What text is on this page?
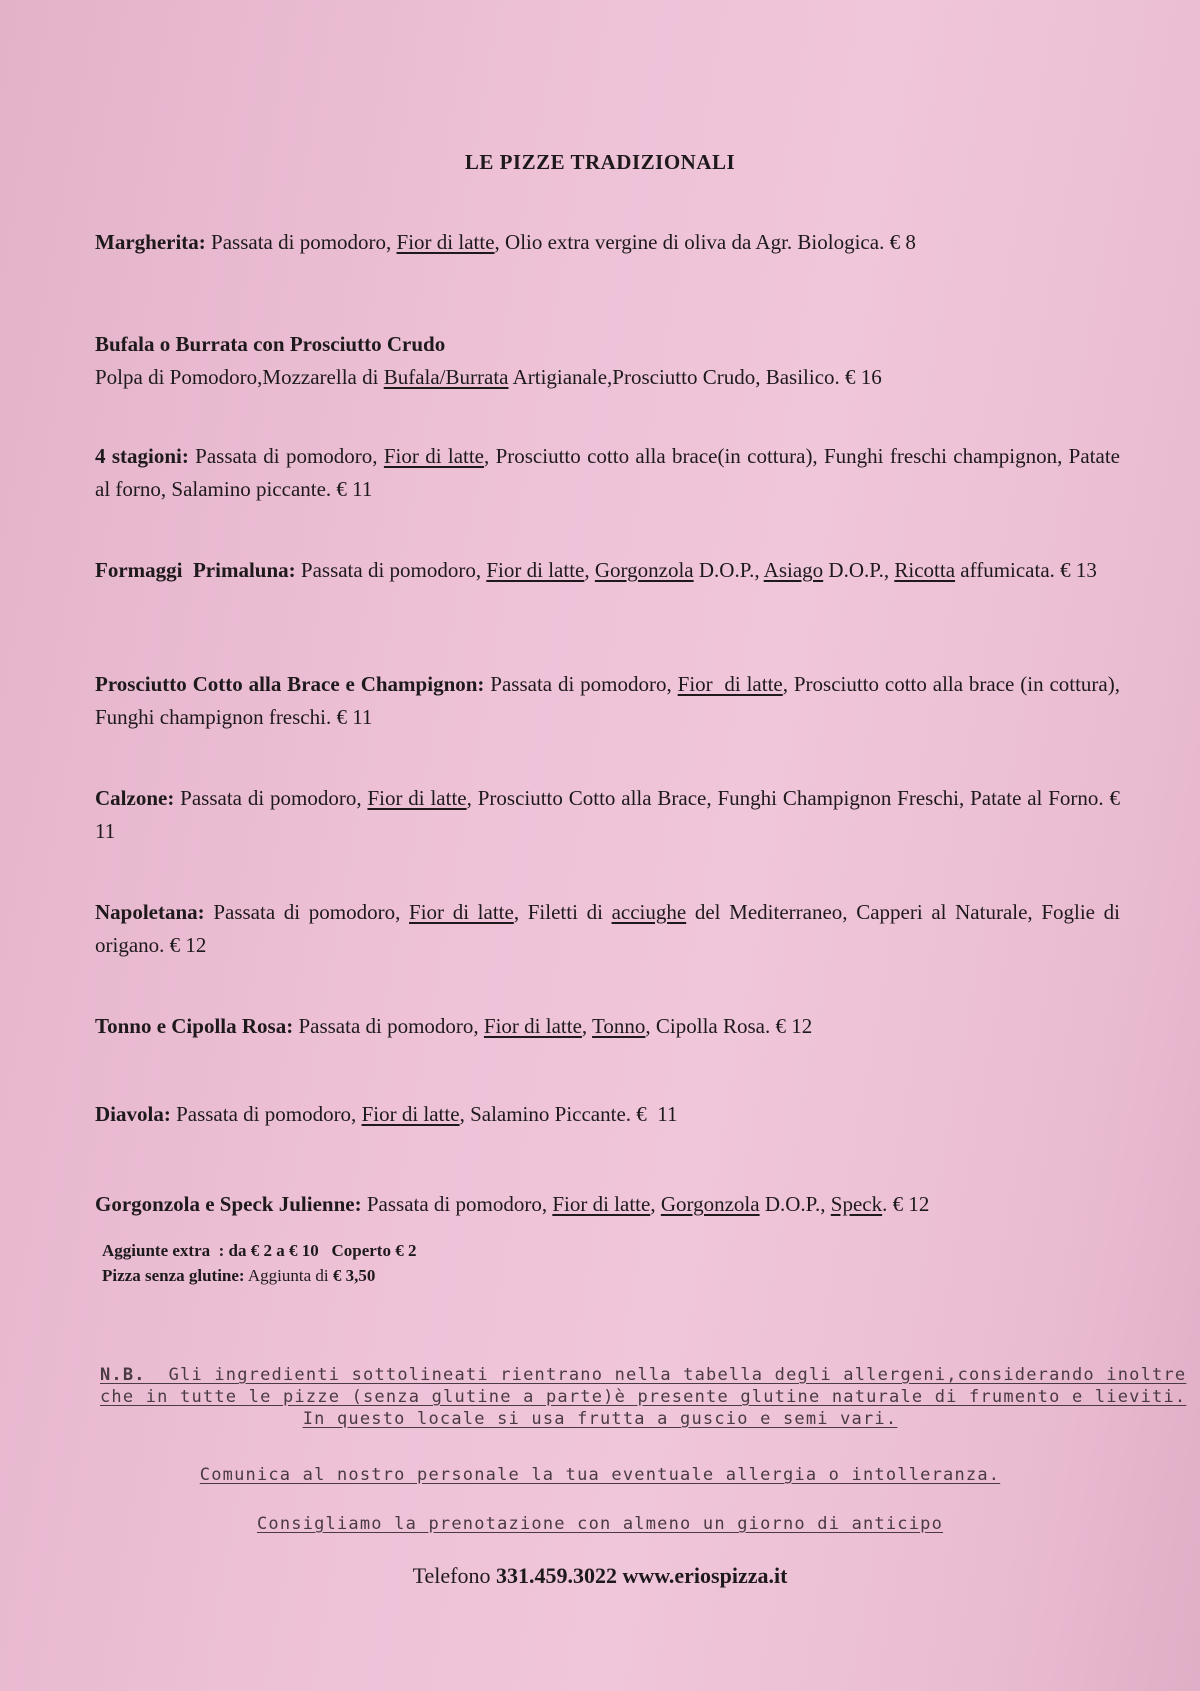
LE PIZZE TRADIZIONALI
Margherita: Passata di pomodoro, Fior di latte, Olio extra vergine di oliva da Agr. Biologica. € 8
Bufala o Burrata con Prosciutto Crudo
Polpa di Pomodoro,Mozzarella di Bufala/Burrata Artigianale,Prosciutto Crudo, Basilico. € 16
4 stagioni: Passata di pomodoro, Fior di latte, Prosciutto cotto alla brace(in cottura), Funghi freschi champignon, Patate al forno, Salamino piccante. € 11
Formaggi  Primaluna: Passata di pomodoro, Fior di latte, Gorgonzola D.O.P., Asiago D.O.P., Ricotta affumicata. € 13
Prosciutto Cotto alla Brace e Champignon: Passata di pomodoro, Fior  di latte, Prosciutto cotto alla brace (in cottura), Funghi champignon freschi. € 11
Calzone: Passata di pomodoro, Fior di latte, Prosciutto Cotto alla Brace, Funghi Champignon Freschi, Patate al Forno. € 11
Napoletana: Passata di pomodoro, Fior di latte, Filetti di acciughe del Mediterraneo, Capperi al Naturale, Foglie di origano. € 12
Tonno e Cipolla Rosa: Passata di pomodoro, Fior di latte, Tonno, Cipolla Rosa. € 12
Diavola: Passata di pomodoro, Fior di latte, Salamino Piccante. €  11
Gorgonzola e Speck Julienne: Passata di pomodoro, Fior di latte, Gorgonzola D.O.P., Speck. € 12
Aggiunte extra  : da € 2 a € 10   Coperto € 2
Pizza senza glutine: Aggiunta di € 3,50
N.B.  Gli ingredienti sottolineati rientrano nella tabella degli allergeni,considerando inoltre
che in tutte le pizze (senza glutine a parte)è presente glutine naturale di frumento e lieviti.
In questo locale si usa frutta a guscio e semi vari.
Comunica al nostro personale la tua eventuale allergia o intolleranza.
Consigliamo la prenotazione con almeno un giorno di anticipo
Telefono 331.459.3022 www.eriospizza.it
